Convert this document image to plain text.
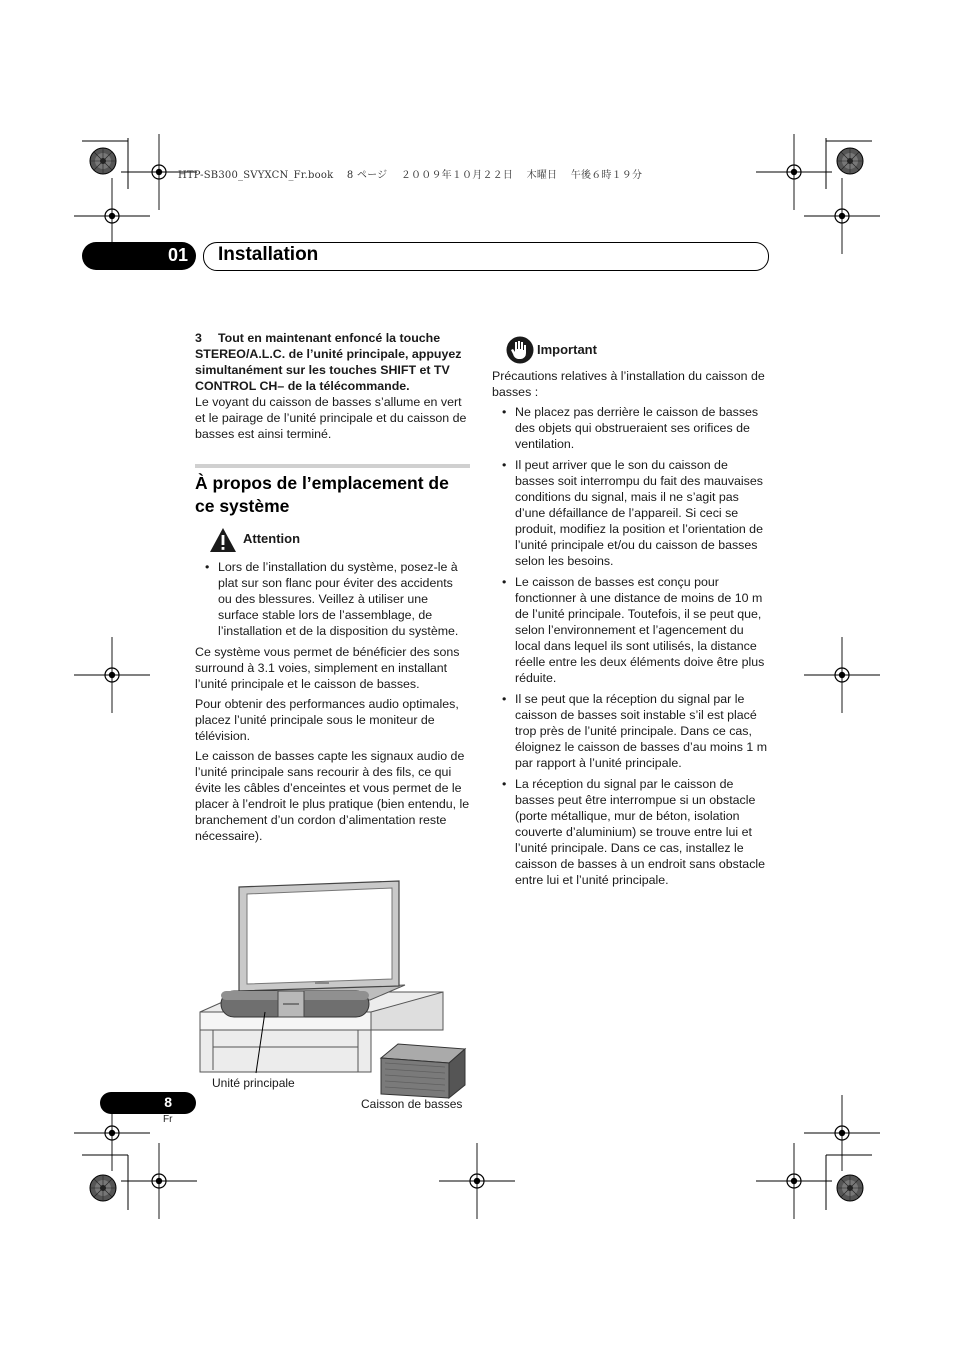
HTP-SB300_SVYXCN_Fr.book　 8 ページ　 ２００９年１０月２２日　 木曜日　 午後６時１９分
01 Installation

3 Tout en maintenant enfoncé la touche STEREO/A.L.C. de l’unité principale, appuyez simultanément sur les touches SHIFT et TV CONTROL CH– de la télécommande.

Le voyant du caisson de basses s’allume en vert et le pairage de l’unité principale et du caisson de basses est ainsi terminé.

À propos de l’emplacement de ce système
Attention
• Lors de l’installation du système, posez-le à plat sur son flanc pour éviter des accidents ou des blessures. Veillez à utiliser une surface stable lors de l’assemblage, de l’installation et de la disposition du système.

Ce système vous permet de bénéficier des sons surround à 3.1 voies, simplement en installant l’unité principale et le caisson de basses.

Pour obtenir des performances audio optimales, placez l’unité principale sous le moniteur de télévision.

Le caisson de basses capte les signaux audio de l’unité principale sans recourir à des fils, ce qui évite les câbles d’enceintes et vous permet de le placer à l’endroit le plus pratique (bien entendu, le branchement d’un cordon d’alimentation reste nécessaire).

Unité principale
Caisson de basses
Important

Précautions relatives à l’installation du caisson de basses :

• Ne placez pas derrière le caisson de basses des objets qui obstrueraient ses orifices de ventilation.
• Il peut arriver que le son du caisson de basses soit interrompu du fait des mauvaises conditions du signal, mais il ne s’agit pas d’une défaillance de l’appareil. Si ceci se produit, modifiez la position et l’orientation de l’unité principale et/ou du caisson de basses selon les besoins.
• Le caisson de basses est conçu pour fonctionner à une distance de moins de 10 m de l’unité principale. Toutefois, il se peut que, selon l’environnement et l’agencement du local dans lequel ils sont utilisés, la distance réelle entre les deux éléments doive être plus réduite.
• Il se peut que la réception du signal par le caisson de basses soit instable s’il est placé trop près de l’unité principale. Dans ce cas, éloignez le caisson de basses d’au moins 1 m par rapport à l’unité principale.
• La réception du signal par le caisson de basses peut être interrompue si un obstacle (porte métallique, mur de béton, isolation couverte d’aluminium) se trouve entre lui et l’unité principale. Dans ce cas, installez le caisson de basses à un endroit sans obstacle entre lui et l’unité principale.
8
Fr
